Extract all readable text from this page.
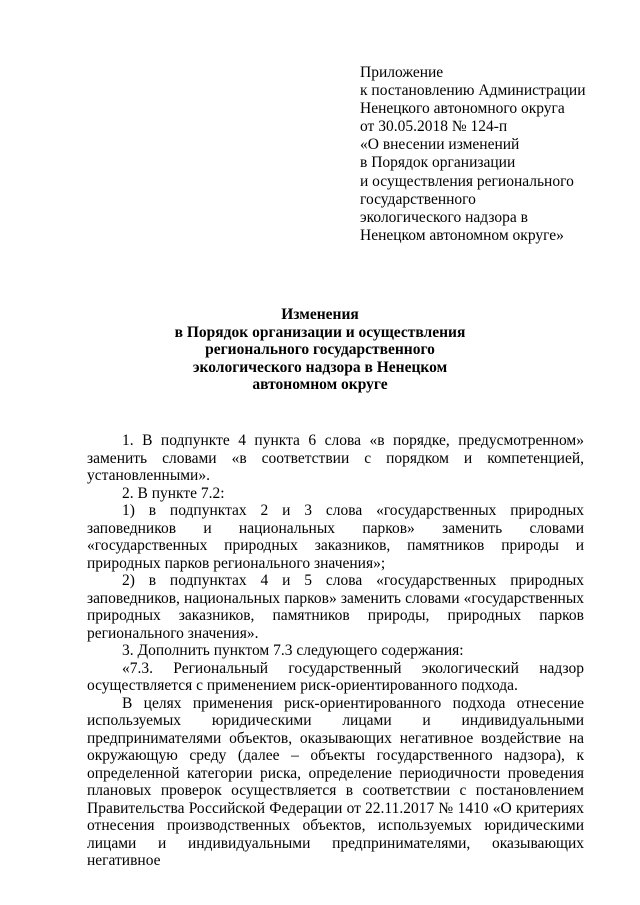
Приложение
к постановлению Администрации
Ненецкого автономного округа
от 30.05.2018 № 124-п
«О внесении изменений
в Порядок организации
и осуществления регионального
государственного
экологического надзора в
Ненецком автономном округе»
Изменения
в Порядок организации и осуществления
регионального государственного
экологического надзора в Ненецком
автономном округе

1. В подпункте 4 пункта 6 слова «в порядке, предусмотренном» заменить словами «в соответствии с порядком и компетенцией, установленными».

2. В пункте 7.2:

1) в подпунктах 2 и 3 слова «государственных природных заповедников и национальных парков» заменить словами «государственных природных заказников, памятников природы и природных парков регионального значения»;

2) в подпунктах 4 и 5 слова «государственных природных заповедников, национальных парков» заменить словами «государственных природных заказников, памятников природы, природных парков регионального значения».

3. Дополнить пунктом 7.3 следующего содержания:

«7.3. Региональный государственный экологический надзор осуществляется с применением риск-ориентированного подхода.

В целях применения риск-ориентированного подхода отнесение используемых юридическими лицами и индивидуальными предпринимателями объектов, оказывающих негативное воздействие на окружающую среду (далее – объекты государственного надзора), к определенной категории риска, определение периодичности проведения плановых проверок осуществляется в соответствии с постановлением Правительства Российской Федерации от 22.11.2017 № 1410 «О критериях отнесения производственных объектов, используемых юридическими лицами и индивидуальными предпринимателями, оказывающих негативное
